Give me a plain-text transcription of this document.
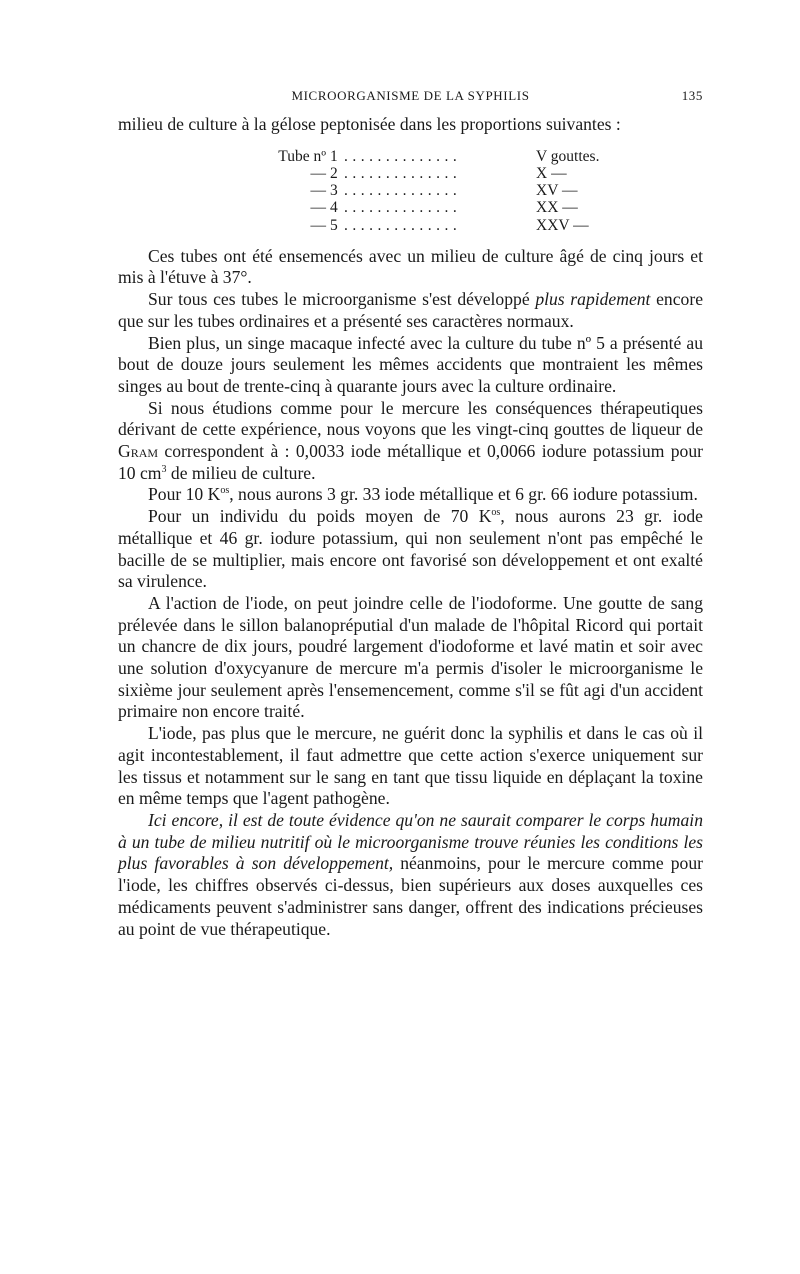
MICROORGANISME DE LA SYPHILIS	135

milieu de culture à la gélose peptonisée dans les proportions suivantes :

Tube nº 1 ..............	V gouttes.
— 2 ..............	X —
— 3 ..............	XV —
— 4 ..............	XX —
— 5 ..............	XXV —

Ces tubes ont été ensemencés avec un milieu de culture âgé de cinq jours et mis à l'étuve à 37°.

Sur tous ces tubes le microorganisme s'est développé plus rapidement encore que sur les tubes ordinaires et a présenté ses caractères normaux.

Bien plus, un singe macaque infecté avec la culture du tube nº 5 a présenté au bout de douze jours seulement les mêmes accidents que montraient les mêmes singes au bout de trente-cinq à quarante jours avec la culture ordinaire.

Si nous étudions comme pour le mercure les conséquences thérapeutiques dérivant de cette expérience, nous voyons que les vingt-cinq gouttes de liqueur de Gram correspondent à : 0,0033 iode métallique et 0,0066 iodure potassium pour 10 $cm^3$ de milieu de culture.

Pour 10 $K^{os}$, nous aurons 3 gr. 33 iode métallique et 6 gr. 66 iodure potassium.

Pour un individu du poids moyen de 70 $K^{os}$, nous aurons 23 gr. iode métallique et 46 gr. iodure potassium, qui non seulement n'ont pas empêché le bacille de se multiplier, mais encore ont favorisé son développement et ont exalté sa virulence.

A l'action de l'iode, on peut joindre celle de l'iodoforme. Une goutte de sang prélevée dans le sillon balanopréputial d'un malade de l'hôpital Ricord qui portait un chancre de dix jours, poudré largement d'iodoforme et lavé matin et soir avec une solution d'oxycyanure de mercure m'a permis d'isoler le microorganisme le sixième jour seulement après l'ensemencement, comme s'il se fût agi d'un accident primaire non encore traité.

L'iode, pas plus que le mercure, ne guérit donc la syphilis et dans le cas où il agit incontestablement, il faut admettre que cette action s'exerce uniquement sur les tissus et notamment sur le sang en tant que tissu liquide en déplaçant la toxine en même temps que l'agent pathogène.

Ici encore, il est de toute évidence qu'on ne saurait comparer le corps humain à un tube de milieu nutritif où le microorganisme trouve réunies les conditions les plus favorables à son développement, néanmoins, pour le mercure comme pour l'iode, les chiffres observés ci-dessus, bien supérieurs aux doses auxquelles ces médicaments peuvent s'administrer sans danger, offrent des indications précieuses au point de vue thérapeutique.
